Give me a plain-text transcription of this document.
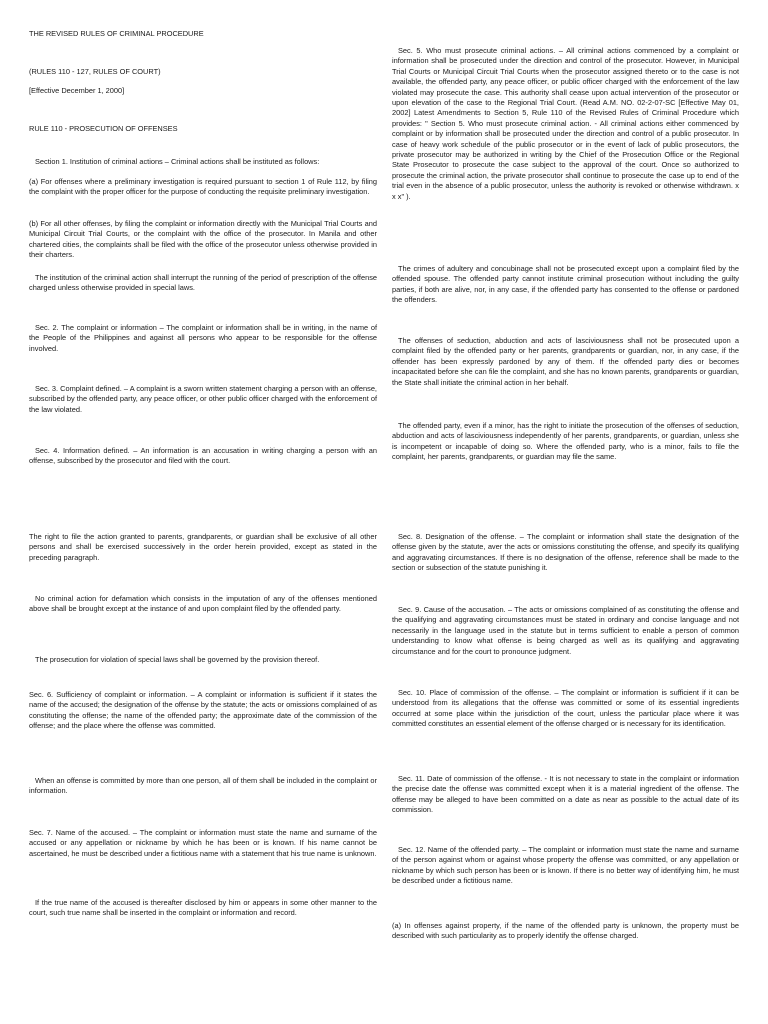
THE REVISED RULES OF CRIMINAL PROCEDURE

(RULES 110 - 127, RULES OF COURT)

[Effective December 1, 2000]

RULE 110 - PROSECUTION OF OFFENSES

Section 1. Institution of criminal actions – Criminal actions shall be instituted as follows:

(a) For offenses where a preliminary investigation is required pursuant to section 1 of Rule 112, by filing the complaint with the proper officer for the purpose of conducting the requisite preliminary investigation.

(b) For all other offenses, by filing the complaint or information directly with the Municipal Trial Courts and Municipal Circuit Trial Courts, or the complaint with the office of the prosecutor. In Manila and other chartered cities, the complaints shall be filed with the office of the prosecutor unless otherwise provided in their charters.

The institution of the criminal action shall interrupt the running of the period of prescription of the offense charged unless otherwise provided in special laws.

Sec. 2. The complaint or information – The complaint or information shall be in writing, in the name of the People of the Philippines and against all persons who appear to be responsible for the offense involved.

Sec. 3. Complaint defined. – A complaint is a sworn written statement charging a person with an offense, subscribed by the offended party, any peace officer, or other public officer charged with the enforcement of the law violated.

Sec. 4. Information defined. – An information is an accusation in writing charging a person with an offense, subscribed by the prosecutor and filed with the court.

Sec. 5. Who must prosecute criminal actions. – All criminal actions commenced by a complaint or information shall be prosecuted under the direction and control of the prosecutor. However, in Municipal Trial Courts or Municipal Circuit Trial Courts when the prosecutor assigned thereto or to the case is not available, the offended party, any peace officer, or public officer charged with the enforcement of the law violated may prosecute the case. This authority shall cease upon actual intervention of the prosecutor or upon elevation of the case to the Regional Trial Court. (Read A.M. NO. 02-2-07-SC [Effective May 01, 2002] Latest Amendments to Section 5, Rule 110 of the Revised Rules of Criminal Procedure which provides: " Section 5. Who must prosecute criminal action. - All criminal actions either commenced by complaint or by information shall be prosecuted under the direction and control of a public prosecutor. In case of heavy work schedule of the public prosecutor or in the event of lack of public prosecutors, the private prosecutor may be authorized in writing by the Chief of the Prosecution Office or the Regional State Prosecutor to prosecute the case subject to the approval of the court. Once so authorized to prosecute the criminal action, the private prosecutor shall continue to prosecute the case up to end of the trial even in the absence of a public prosecutor, unless the authority is revoked or otherwise withdrawn. x x x" ).

The crimes of adultery and concubinage shall not be prosecuted except upon a complaint filed by the offended spouse. The offended party cannot institute criminal prosecution without including the guilty parties, if both are alive, nor, in any case, if the offended party has consented to the offense or pardoned the offenders.

The offenses of seduction, abduction and acts of lasciviousness shall not be prosecuted upon a complaint filed by the offended party or her parents, grandparents or guardian, nor, in any case, if the offender has been expressly pardoned by any of them. If the offended party dies or becomes incapacitated before she can file the complaint, and she has no known parents, grandparents or guardian, the State shall initiate the criminal action in her behalf.

The offended party, even if a minor, has the right to initiate the prosecution of the offenses of seduction, abduction and acts of lasciviousness independently of her parents, grandparents, or guardian, unless she is incompetent or incapable of doing so. Where the offended party, who is a minor, fails to file the complaint, her parents, grandparents, or guardian may file the same.

The right to file the action granted to parents, grandparents, or guardian shall be exclusive of all other persons and shall be exercised successively in the order herein provided, except as stated in the preceding paragraph.

No criminal action for defamation which consists in the imputation of any of the offenses mentioned above shall be brought except at the instance of and upon complaint filed by the offended party.

The prosecution for violation of special laws shall be governed by the provision thereof.

Sec. 6. Sufficiency of complaint or information. – A complaint or information is sufficient if it states the name of the accused; the designation of the offense by the statute; the acts or omissions complained of as constituting the offense; the name of the offended party; the approximate date of the commission of the offense; and the place where the offense was committed.

When an offense is committed by more than one person, all of them shall be included in the complaint or information.

Sec. 7. Name of the accused. – The complaint or information must state the name and surname of the accused or any appellation or nickname by which he has been or is known. If his name cannot be ascertained, he must be described under a fictitious name with a statement that his true name is unknown.

If the true name of the accused is thereafter disclosed by him or appears in some other manner to the court, such true name shall be inserted in the complaint or information and record.

Sec. 8. Designation of the offense. – The complaint or information shall state the designation of the offense given by the statute, aver the acts or omissions constituting the offense, and specify its qualifying and aggravating circumstances. If there is no designation of the offense, reference shall be made to the section or subsection of the statute punishing it.

Sec. 9. Cause of the accusation. – The acts or omissions complained of as constituting the offense and the qualifying and aggravating circumstances must be stated in ordinary and concise language and not necessarily in the language used in the statute but in terms sufficient to enable a person of common understanding to know what offense is being charged as well as its qualifying and aggravating circumstance and for the court to pronounce judgment.

Sec. 10. Place of commission of the offense. – The complaint or information is sufficient if it can be understood from its allegations that the offense was committed or some of its essential ingredients occurred at some place within the jurisdiction of the court, unless the particular place where it was committed constitutes an essential element of the offense charged or is necessary for its identification.

Sec. 11. Date of commission of the offense. - It is not necessary to state in the complaint or information the precise date the offense was committed except when it is a material ingredient of the offense. The offense may be alleged to have been committed on a date as near as possible to the actual date of its commission.

Sec. 12. Name of the offended party. – The complaint or information must state the name and surname of the person against whom or against whose property the offense was committed, or any appellation or nickname by which such person has been or is known. If there is no better way of identifying him, he must be described under a fictitious name.

(a) In offenses against property, if the name of the offended party is unknown, the property must be described with such particularity as to properly identify the offense charged.
